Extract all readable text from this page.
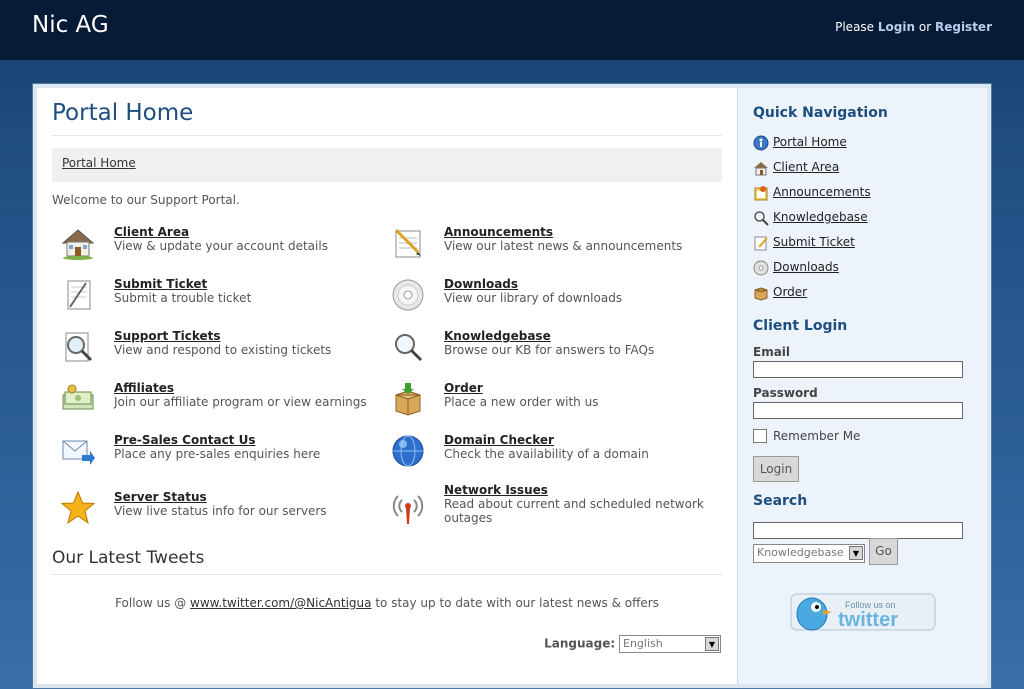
Nic AG	Please Login or Register
Portal Home
Portal Home
Welcome to our Support Portal.
Client Area
View & update your account details
Announcements
View our latest news & announcements
Submit Ticket
Submit a trouble ticket
Downloads
View our library of downloads
Support Tickets
View and respond to existing tickets
Knowledgebase
Browse our KB for answers to FAQs
Affiliates
Join our affiliate program or view earnings
Order
Place a new order with us
Pre-Sales Contact Us
Place any pre-sales enquiries here
Domain Checker
Check the availability of a domain
Server Status
View live status info for our servers
Network Issues
Read about current and scheduled network outages
Our Latest Tweets
Follow us @ www.twitter.com/@NicAntigua to stay up to date with our latest news & offers
Language: English	▼
Quick Navigation
Portal Home
Client Area
Announcements
Knowledgebase
Submit Ticket
Downloads
Order
Client Login
Email
Password
Remember Me
Login
Search
Knowledgebase	▼	Go
Follow us on
twitter
